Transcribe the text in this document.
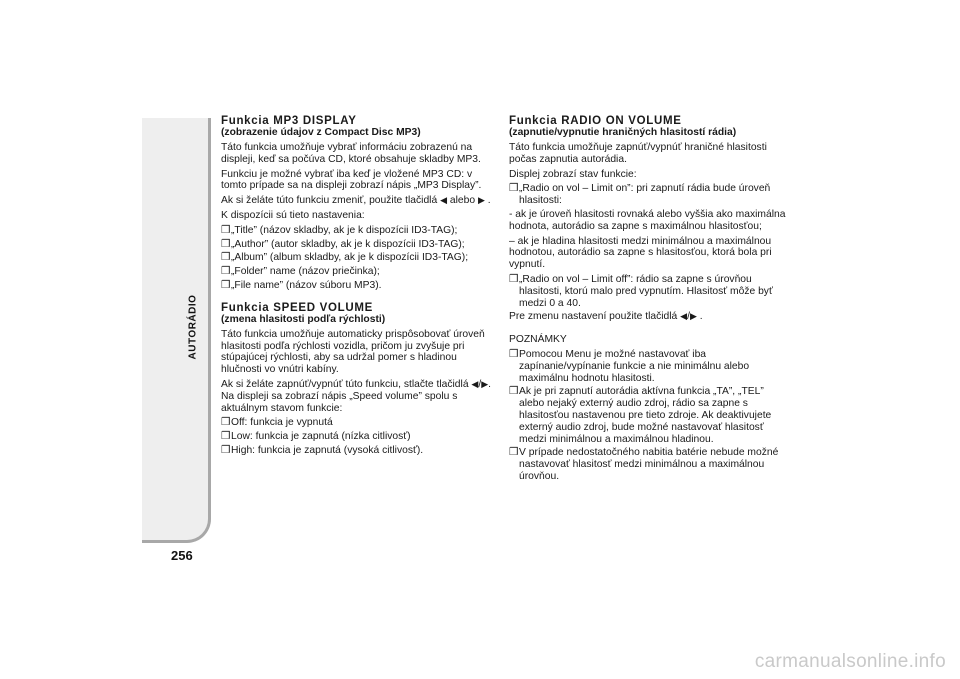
AUTORÁDIO
256
Funkcia MP3 DISPLAY
(zobrazenie údajov z Compact Disc MP3)
Táto funkcia umožňuje vybrať informáciu zobrazenú na displeji, keď sa počúva CD, ktoré obsahuje skladby MP3.
Funkciu je možné vybrať iba keď je vložené MP3 CD: v tomto prípade sa na displeji zobrazí nápis „MP3 Display”.
Ak si želáte túto funkciu zmeniť, použite tlačidlá ◀ alebo ▶ .
K dispozícii sú tieto nastavenia:
❒„Title” (názov skladby, ak je k dispozícii ID3-TAG);
❒„Author” (autor skladby, ak je k dispozícii ID3-TAG);
❒„Album” (album skladby, ak je k dispozícii ID3-TAG);
❒„Folder” name (názov priečinka);
❒„File name” (názov súboru MP3).
Funkcia SPEED VOLUME
(zmena hlasitosti podľa rýchlosti)
Táto funkcia umožňuje automaticky prispôsobovať úroveň hlasitosti podľa rýchlosti vozidla, pričom ju zvyšuje pri stúpajúcej rýchlosti, aby sa udržal pomer s hladinou hlučnosti vo vnútri kabíny.
Ak si želáte zapnúť/vypnúť túto funkciu, stlačte tlačidlá ◀/▶. Na displeji sa zobrazí nápis „Speed volume” spolu s aktuálnym stavom funkcie:
❒Off: funkcia je vypnutá
❒Low: funkcia je zapnutá (nízka citlivosť)
❒High: funkcia je zapnutá (vysoká citlivosť).
Funkcia RADIO ON VOLUME
(zapnutie/vypnutie hraničných hlasitostí rádia)
Táto funkcia umožňuje zapnúť/vypnúť hraničné hlasitosti počas zapnutia autorádia.
Displej zobrazí stav funkcie:
❒„Radio on vol – Limit on”: pri zapnutí rádia bude úroveň hlasitosti:
- ak je úroveň hlasitosti rovnaká alebo vyššia ako maximálna hodnota, autorádio sa zapne s maximálnou hlasitosťou;
– ak je hladina hlasitosti medzi minimálnou a maximálnou hodnotou, autorádio sa zapne s hlasitosťou, ktorá bola pri vypnutí.
❒„Radio on vol – Limit off”: rádio sa zapne s úrovňou hlasitosti, ktorú malo pred vypnutím. Hlasitosť môže byť medzi 0 a 40.
Pre zmenu nastavení použite tlačidlá ◀/▶ .
POZNÁMKY
❒Pomocou Menu je možné nastavovať iba zapínanie/vypínanie funkcie a nie minimálnu alebo maximálnu hodnotu hlasitosti.
❒Ak je pri zapnutí autorádia aktívna funkcia „TA”, „TEL” alebo nejaký externý audio zdroj, rádio sa zapne s hlasitosťou nastavenou pre tieto zdroje. Ak deaktivujete externý audio zdroj, bude možné nastavovať hlasitosť medzi minimálnou a maximálnou hladinou.
❒V prípade nedostatočného nabitia batérie nebude možné nastavovať hlasitosť medzi minimálnou a maximálnou úrovňou.
carmanualsonline.info
